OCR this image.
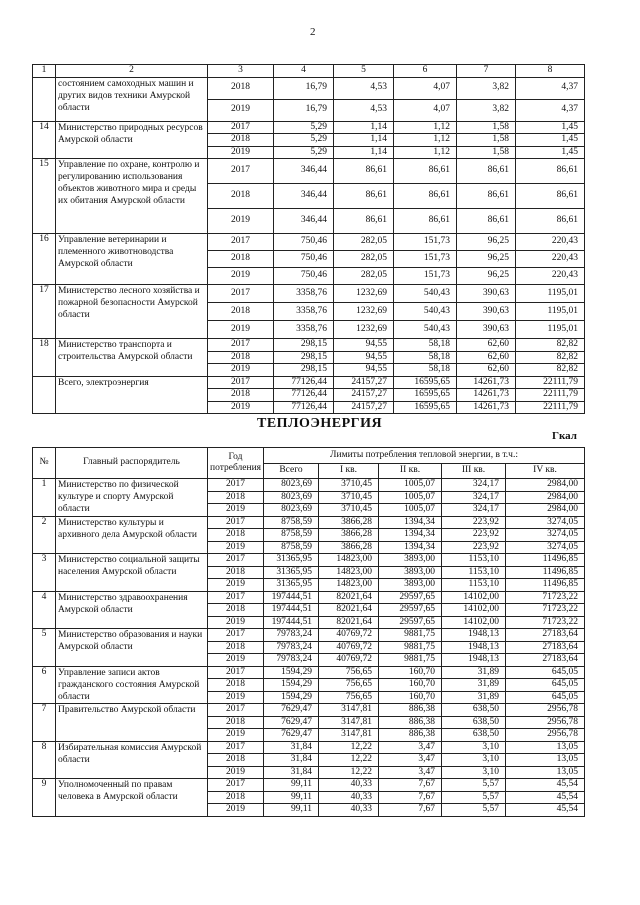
2
1	2	3	4	5	6	7	8
	состоянием самоходных машин и других видов техники Амурской области	2018	16,79	4,53	4,07	3,82	4,37
		2019	16,79	4,53	4,07	3,82	4,37
14	Министерство природных ресурсов Амурской области	2017	5,29	1,14	1,12	1,58	1,45
		2018	5,29	1,14	1,12	1,58	1,45
		2019	5,29	1,14	1,12	1,58	1,45
15	Управление по охране, контролю и регулированию использования объектов животного мира и среды их обитания Амурской области	2017	346,44	86,61	86,61	86,61	86,61
		2018	346,44	86,61	86,61	86,61	86,61
		2019	346,44	86,61	86,61	86,61	86,61
16	Управление ветеринарии и племенного животноводства Амурской области	2017	750,46	282,05	151,73	96,25	220,43
		2018	750,46	282,05	151,73	96,25	220,43
		2019	750,46	282,05	151,73	96,25	220,43
17	Министерство лесного хозяйства и пожарной безопасности Амурской области	2017	3358,76	1232,69	540,43	390,63	1195,01
		2018	3358,76	1232,69	540,43	390,63	1195,01
		2019	3358,76	1232,69	540,43	390,63	1195,01
18	Министерство транспорта и строительства Амурской области	2017	298,15	94,55	58,18	62,60	82,82
		2018	298,15	94,55	58,18	62,60	82,82
		2019	298,15	94,55	58,18	62,60	82,82
	Всего, электроэнергия	2017	77126,44	24157,27	16595,65	14261,73	22111,79
		2018	77126,44	24157,27	16595,65	14261,73	22111,79
		2019	77126,44	24157,27	16595,65	14261,73	22111,79
ТЕПЛОЭНЕРГИЯ
Гкал
№	Главный распорядитель	Год потребления	Лимиты потребления тепловой энергии, в т.ч.:				
			Всего	I кв.	II кв.	III кв.	IV кв.
1	Министерство по физической культуре и спорту Амурской области	2017	8023,69	3710,45	1005,07	324,17	2984,00
		2018	8023,69	3710,45	1005,07	324,17	2984,00
		2019	8023,69	3710,45	1005,07	324,17	2984,00
2	Министерство культуры и архивного дела Амурской области	2017	8758,59	3866,28	1394,34	223,92	3274,05
		2018	8758,59	3866,28	1394,34	223,92	3274,05
		2019	8758,59	3866,28	1394,34	223,92	3274,05
3	Министерство социальной защиты населения Амурской области	2017	31365,95	14823,00	3893,00	1153,10	11496,85
		2018	31365,95	14823,00	3893,00	1153,10	11496,85
		2019	31365,95	14823,00	3893,00	1153,10	11496,85
4	Министерство здравоохранения Амурской области	2017	197444,51	82021,64	29597,65	14102,00	71723,22
		2018	197444,51	82021,64	29597,65	14102,00	71723,22
		2019	197444,51	82021,64	29597,65	14102,00	71723,22
5	Министерство образования и науки Амурской области	2017	79783,24	40769,72	9881,75	1948,13	27183,64
		2018	79783,24	40769,72	9881,75	1948,13	27183,64
		2019	79783,24	40769,72	9881,75	1948,13	27183,64
6	Управление записи актов гражданского состояния Амурской области	2017	1594,29	756,65	160,70	31,89	645,05
		2018	1594,29	756,65	160,70	31,89	645,05
		2019	1594,29	756,65	160,70	31,89	645,05
7	Правительство Амурской области	2017	7629,47	3147,81	886,38	638,50	2956,78
		2018	7629,47	3147,81	886,38	638,50	2956,78
		2019	7629,47	3147,81	886,38	638,50	2956,78
8	Избирательная комиссия Амурской области	2017	31,84	12,22	3,47	3,10	13,05
		2018	31,84	12,22	3,47	3,10	13,05
		2019	31,84	12,22	3,47	3,10	13,05
9	Уполномоченный по правам человека в Амурской области	2017	99,11	40,33	7,67	5,57	45,54
		2018	99,11	40,33	7,67	5,57	45,54
		2019	99,11	40,33	7,67	5,57	45,54
